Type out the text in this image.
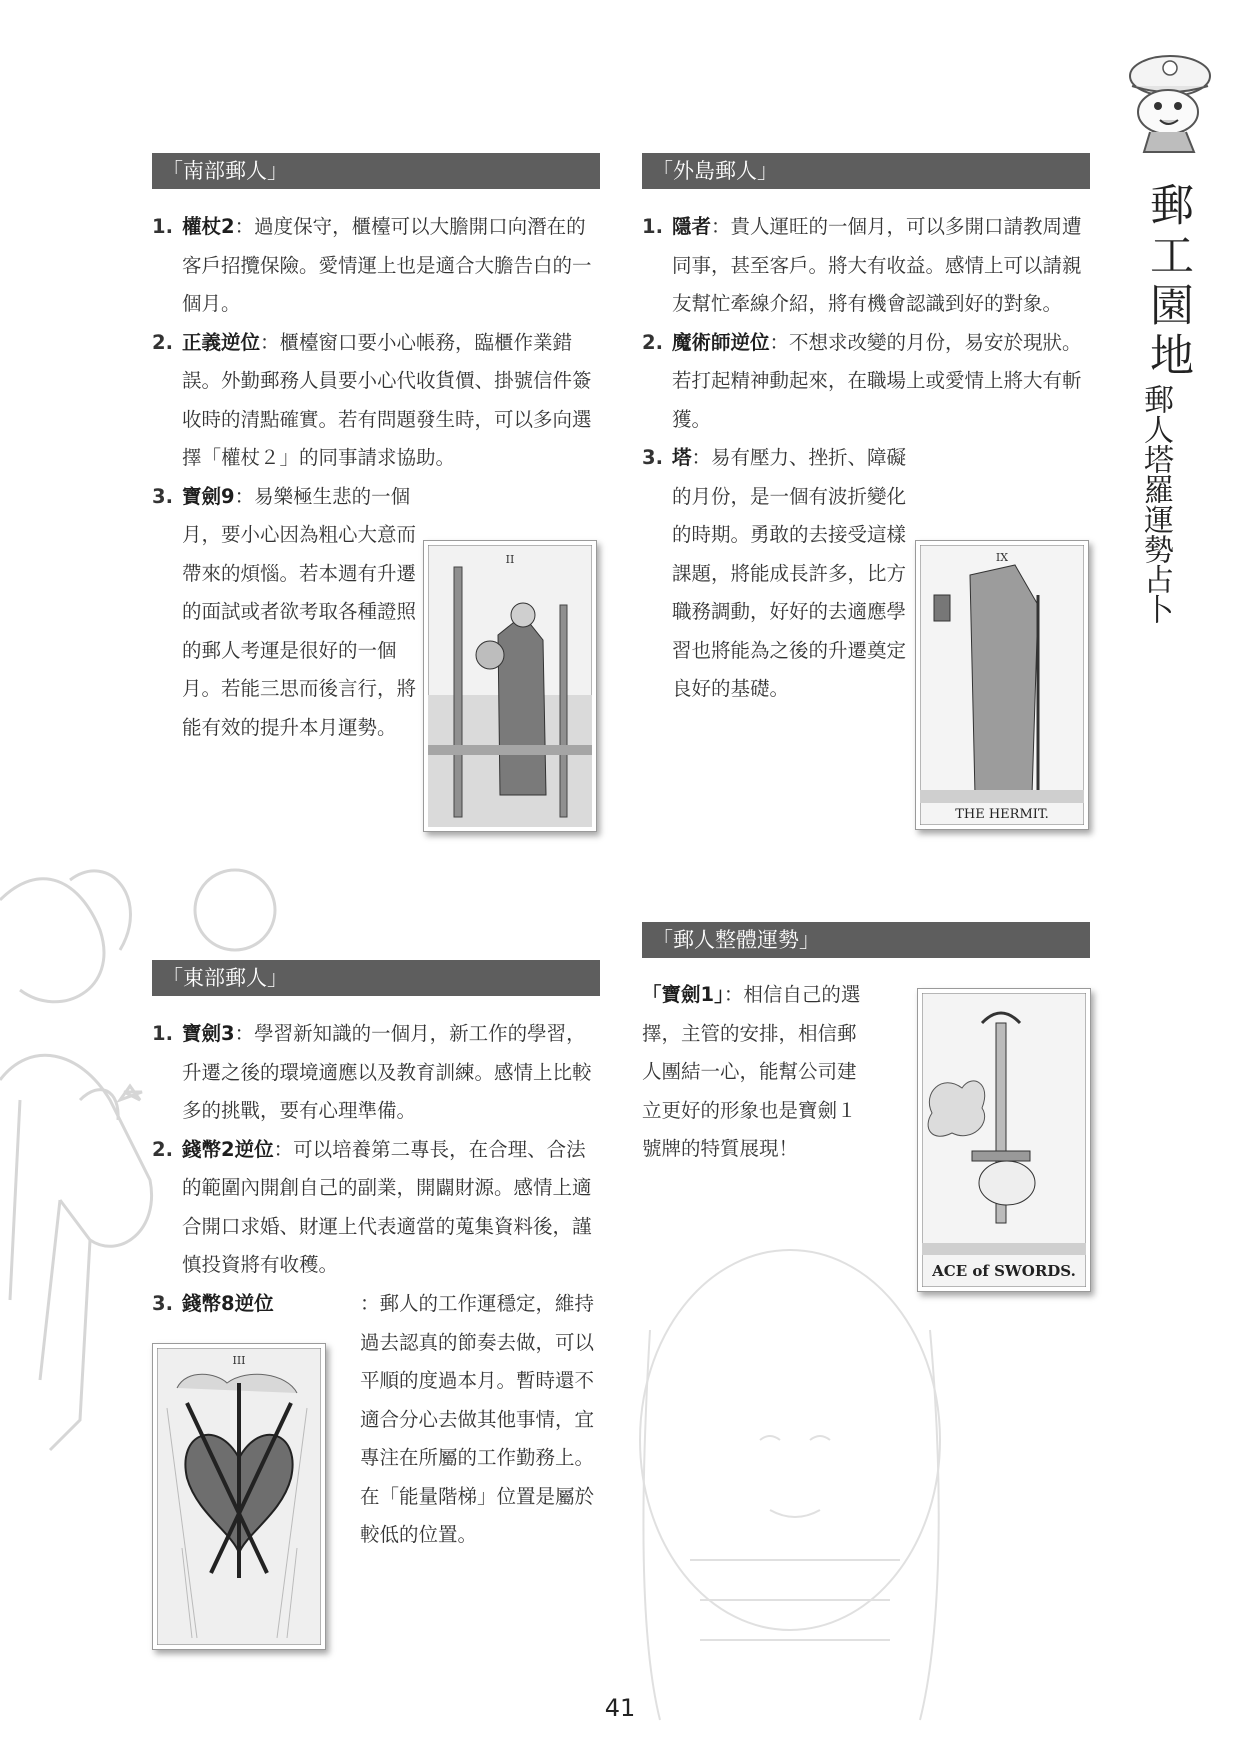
郵工園地
郵人塔羅運勢占卜
「南部郵人」
1. 權杖2：過度保守，櫃檯可以大膽開口向潛在的客戶招攬保險。愛情運上也是適合大膽告白的一個月。
2. 正義逆位：櫃檯窗口要小心帳務，臨櫃作業錯誤。外勤郵務人員要小心代收貨價、掛號信件簽收時的清點確實。若有問題發生時，可以多向選擇「權杖２」的同事請求協助。
3. 寶劍9：易樂極生悲的一個月，要小心因為粗心大意而帶來的煩惱。若本週有升遷的面試或者欲考取各種證照的郵人考運是很好的一個月。若能三思而後言行，將能有效的提升本月運勢。
II
「外島郵人」
1. 隱者：貴人運旺的一個月，可以多開口請教周遭同事，甚至客戶。將大有收益。感情上可以請親友幫忙牽線介紹，將有機會認識到好的對象。
2. 魔術師逆位：不想求改變的月份，易安於現狀。若打起精神動起來，在職場上或愛情上將大有斬獲。
3. 塔：易有壓力、挫折、障礙的月份，是一個有波折變化的時期。勇敢的去接受這樣課題，將能成長許多，比方職務調動，好好的去適應學習也將能為之後的升遷奠定良好的基礎。
IX
THE HERMIT.
「郵人整體運勢」
「寶劍1」：相信自己的選擇，主管的安排，相信郵人團結一心，能幫公司建立更好的形象也是寶劍１號牌的特質展現！
ACE of SWORDS.
「東部郵人」
1. 寶劍3：學習新知識的一個月，新工作的學習，升遷之後的環境適應以及教育訓練。感情上比較多的挑戰，要有心理準備。
2. 錢幣2逆位：可以培養第二專長，在合理、合法的範圍內開創自己的副業，開闢財源。感情上適合開口求婚、財運上代表適當的蒐集資料後，謹慎投資將有收穫。
3. 錢幣8逆位	：郵人的工作運穩定，維持過去認真的節奏去做，可以平順的度過本月。暫時還不適合分心去做其他事情，宜專注在所屬的工作勤務上。在「能量階梯」位置是屬於較低的位置。
III
41
